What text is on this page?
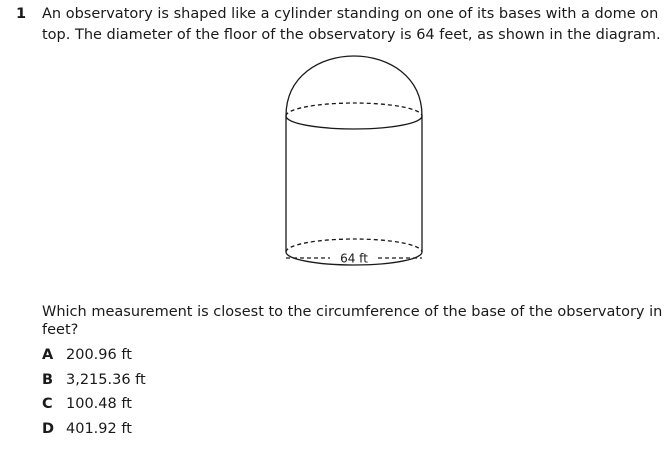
1 An observatory is shaped like a cylinder standing on one of its bases with a dome on top. The diameter of the floor of the observatory is 64 feet, as shown in the diagram.
64 ft
Which measurement is closest to the circumference of the base of the observatory in feet?
A 200.96 ft
B 3,215.36 ft
C 100.48 ft
D 401.92 ft
